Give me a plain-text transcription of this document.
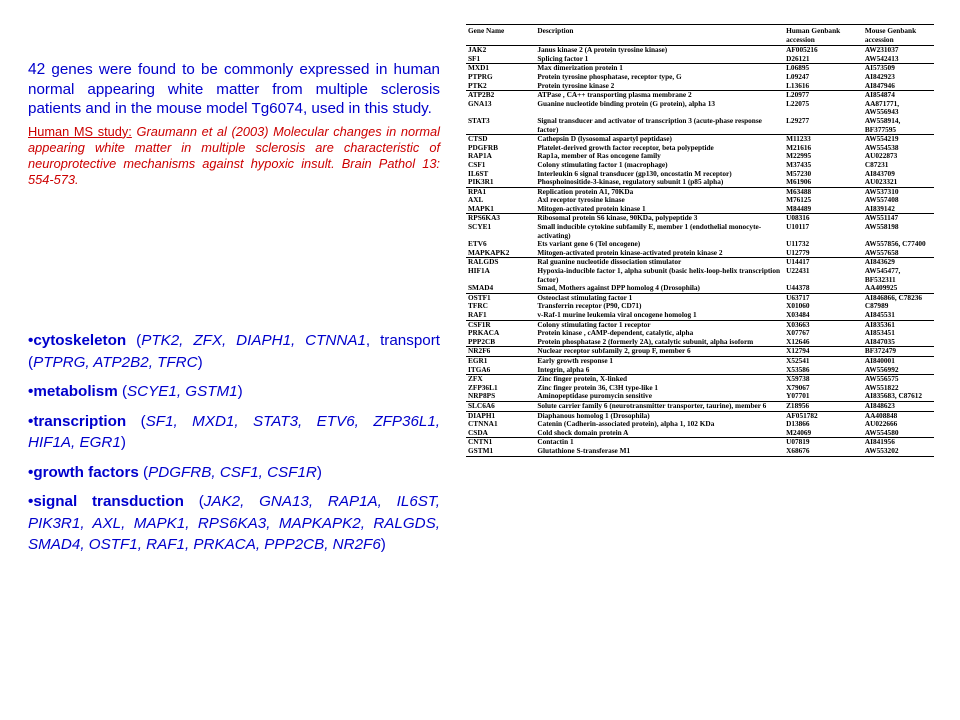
42 genes were found to be commonly expressed in human normal appearing white matter from multiple sclerosis patients and in the mouse model Tg6074, used in this study.

Human MS study: Graumann et al (2003) Molecular changes in normal appearing white matter in multiple sclerosis are characteristic of neuroprotective mechanisms against hypoxic insult. Brain Pathol 13: 554-573.

•cytoskeleton (PTK2, ZFX, DIAPH1, CTNNA1, transport (PTPRG, ATP2B2, TFRC)

•metabolism (SCYE1, GSTM1)

•transcription (SF1, MXD1, STAT3, ETV6, ZFP36L1, HIF1A, EGR1)

•growth factors (PDGFRB, CSF1, CSF1R)

•signal transduction (JAK2, GNA13, RAP1A, IL6ST, PIK3R1, AXL, MAPK1, RPS6KA3, MAPKAPK2, RALGDS, SMAD4, OSTF1, RAF1, PRKACA, PPP2CB, NR2F6)

Gene Name	Description	Human Genbank accession	Mouse Genbank accession
JAK2	Janus kinase 2 (A protein tyrosine kinase)	AF005216	AW231037
SF1	Splicing factor 1	D26121	AW542413
MXD1	Max dimerization protein 1	L06895	AI573509
PTPRG	Protein tyrosine phosphatase, receptor type, G	L09247	AI842923
PTK2	Protein tyrosine kinase 2	L13616	AI847946
ATP2B2	ATPase , CA++ transporting plasma membrane 2	L20977	AI854874
GNA13	Guanine nucleotide binding protein (G protein), alpha 13	L22075	AA871771, AW556943
STAT3	Signal transducer and activator of transcription 3 (acute-phase response factor)	L29277	AW558914, BF377595
CTSD	Cathepsin D (lysosomal aspartyl peptidase)	M11233	AW554219
PDGFRB	Platelet-derived growth factor receptor, beta polypeptide	M21616	AW554538
RAP1A	Rap1a, member of Ras oncogene family	M22995	AU022873
CSF1	Colony stimulating factor 1 (macrophage)	M37435	C87231
IL6ST	Interleukin 6 signal transducer (gp130, oncostatin M receptor)	M57230	AI843709
PIK3R1	Phosphoinositide-3-kinase, regulatory subunit 1 (p85 alpha)	M61906	AU023321
RPA1	Replication protein A1, 70KDa	M63488	AW537310
AXL	Axl receptor tyrosine kinase	M76125	AW557408
MAPK1	Mitogen-activated protein kinase 1	M84489	AI839142
RPS6KA3	Ribosomal protein S6 kinase, 90KDa, polypeptide 3	U08316	AW551147
SCYE1	Small inducible cytokine subfamily E, member 1 (endothelial monocyte-activating)	U10117	AW558198
ETV6	Ets variant gene 6 (Tel oncogene)	U11732	AW557856, C77400
MAPKAPK2	Mitogen-activated protein kinase-activated protein kinase 2	U12779	AW557658
RALGDS	Ral guanine nucleotide dissociation stimulator	U14417	AI843629
HIF1A	Hypoxia-inducible factor 1, alpha subunit (basic helix-loop-helix transcription factor)	U22431	AW545477, BF532311
SMAD4	Smad, Mothers against DPP homolog 4 (Drosophila)	U44378	AA409925
OSTF1	Osteoclast stimulating factor 1	U63717	AI846866, C78236
TFRC	Transferrin receptor (P90, CD71)	X01060	C87989
RAF1	v-Raf-1 murine leukemia viral oncogene homolog 1	X03484	AI845531
CSF1R	Colony stimulating factor 1 receptor	X03663	AI835361
PRKACA	Protein kinase , cAMP-dependent, catalytic, alpha	X07767	AI853451
PPP2CB	Protein phosphatase 2 (formerly 2A), catalytic subunit, alpha isoform	X12646	AI847035
NR2F6	Nuclear receptor subfamily 2, group F, member 6	X12794	BF372479
EGR1	Early growth response 1	X52541	AI840001
ITGA6	Integrin, alpha 6	X53586	AW556992
ZFX	Zinc finger protein, X-linked	X59738	AW556575
ZFP36L1	Zinc finger protein 36, C3H type-like 1	X79067	AW551822
NRP8PS	Aminopeptidase puromycin sensitive	Y07701	AI835683, C87612
SLC6A6	Solute carrier family 6 (neurotransmitter transporter, taurine), member 6	Z18956	AI848623
DIAPH1	Diaphanous homolog 1 (Drosophila)	AF051782	AA408848
CTNNA1	Catenin (Cadherin-associated protein), alpha 1, 102 KDa	D13866	AU022666
CSDA	Cold shock domain protein A	M24069	AW554580
CNTN1	Contactin 1	U07819	AI841956
GSTM1	Glutathione S-transferase M1	X68676	AW553202
